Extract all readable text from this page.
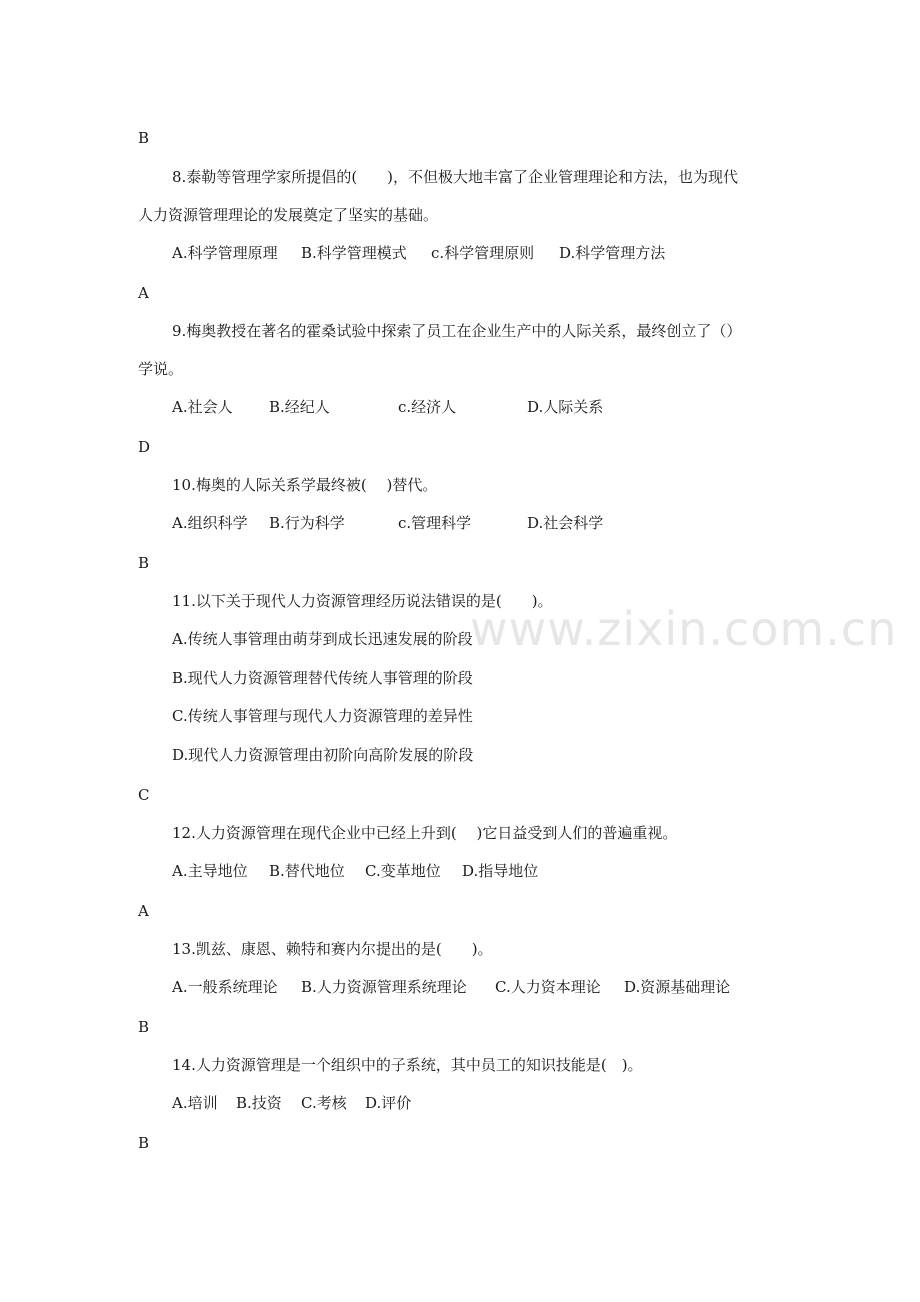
www.zixin.com.cn
B
8.泰勒等管理学家所提倡的(　　)，不但极大地丰富了企业管理理论和方法，也为现代
人力资源管理理论的发展奠定了坚实的基础。
A.科学管理原理 B.科学管理模式 c.科学管理原则 D.科学管理方法
A
9.梅奥教授在著名的霍桑试验中探索了员工在企业生产中的人际关系，最终创立了（）
学说。
A.社会人 B.经纪人	c.经济人	D.人际关系
D
10.梅奥的人际关系学最终被(　 )替代。
A.组织科学 B.行为科学	c.管理科学	D.社会科学
B
11.以下关于现代人力资源管理经历说法错误的是(　　)。
A.传统人事管理由萌芽到成长迅速发展的阶段
B.现代人力资源管理替代传统人事管理的阶段
C.传统人事管理与现代人力资源管理的差异性
D.现代人力资源管理由初阶向高阶发展的阶段
C
12.人力资源管理在现代企业中已经上升到(　 )它日益受到人们的普遍重视。
A.主导地位 B.替代地位 C.变革地位 D.指导地位
A
13.凯兹、康恩、赖特和赛内尔提出的是(　　)。
A.一般系统理论 B.人力资源管理系统理论 C.人力资本理论 D.资源基础理论
B
14.人力资源管理是一个组织中的子系统，其中员工的知识技能是(　)。
A.培训 B.技资 C.考核 D.评价
B
